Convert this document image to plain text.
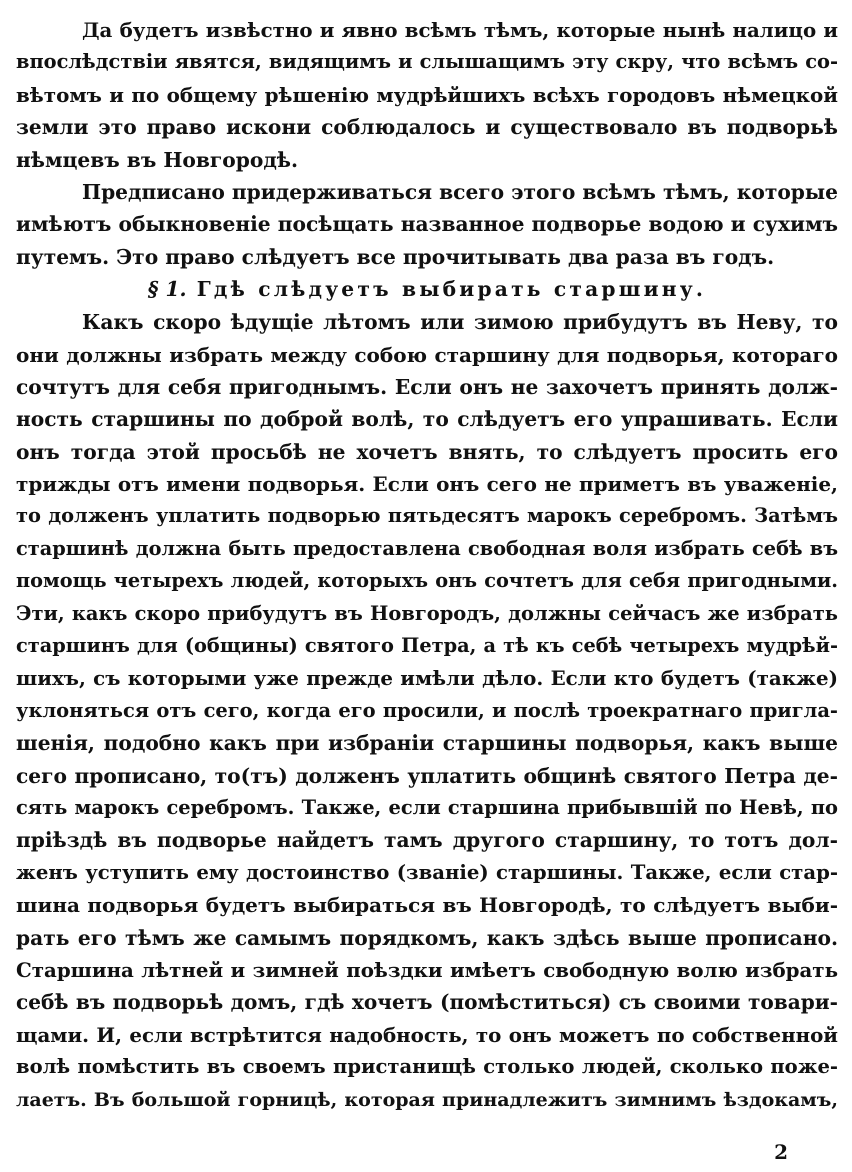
Да будетъ извѣстно и явно всѣмъ тѣмъ, которые нынѣ налицо и
впослѣдствіи явятся, видящимъ и слышащимъ эту скру, что всѣмъ со-
вѣтомъ и по общему рѣшенію мудрѣйшихъ всѣхъ городовъ нѣмецкой
земли это право искони соблюдалось и существовало въ подворьѣ
нѣмцевъ въ Новгородѣ.
Предписано придерживаться всего этого всѣмъ тѣмъ, которые
имѣютъ обыкновеніе посѣщать названное подворье водою и сухимъ
путемъ. Это право слѣдуетъ все прочитывать два раза въ годъ.
§ 1. Гдѣ слѣдуетъ выбирать старшину.
Какъ скоро ѣдущіе лѣтомъ или зимою прибудутъ въ Неву, то
они должны избрать между собою старшину для подворья, котораго
сочтутъ для себя пригоднымъ. Если онъ не захочетъ принять долж-
ность старшины по доброй волѣ, то слѣдуетъ его упрашивать. Если
онъ тогда этой просьбѣ не хочетъ внять, то слѣдуетъ просить его
трижды отъ имени подворья. Если онъ сего не приметъ въ уваженіе,
то долженъ уплатить подворью пятьдесятъ марокъ серебромъ. Затѣмъ
старшинѣ должна быть предоставлена свободная воля избрать себѣ въ
помощь четырехъ людей, которыхъ онъ сочтетъ для себя пригодными.
Эти, какъ скоро прибудутъ въ Новгородъ, должны сейчасъ же избрать
старшинъ для (общины) святого Петра, а тѣ къ себѣ четырехъ мудрѣй-
шихъ, съ которыми уже прежде имѣли дѣло. Если кто будетъ (также)
уклоняться отъ сего, когда его просили, и послѣ троекратнаго пригла-
шенія, подобно какъ при избраніи старшины подворья, какъ выше
сего прописано, то(тъ) долженъ уплатить общинѣ святого Петра де-
сять марокъ серебромъ. Также, если старшина прибывшій по Невѣ, по
пріѣздѣ въ подворье найдетъ тамъ другого старшину, то тотъ дол-
женъ уступить ему достоинство (званіе) старшины. Также, если стар-
шина подворья будетъ выбираться въ Новгородѣ, то слѣдуетъ выби-
рать его тѣмъ же самымъ порядкомъ, какъ здѣсь выше прописано.
Старшина лѣтней и зимней поѣздки имѣетъ свободную волю избрать
себѣ въ подворьѣ домъ, гдѣ хочетъ (помѣститься) съ своими товари-
щами. И, если встрѣтится надобность, то онъ можетъ по собственной
волѣ помѣстить въ своемъ пристанищѣ столько людей, сколько поже-
лаетъ. Въ большой горницѣ, которая принадлежитъ зимнимъ ѣздокамъ,
2
